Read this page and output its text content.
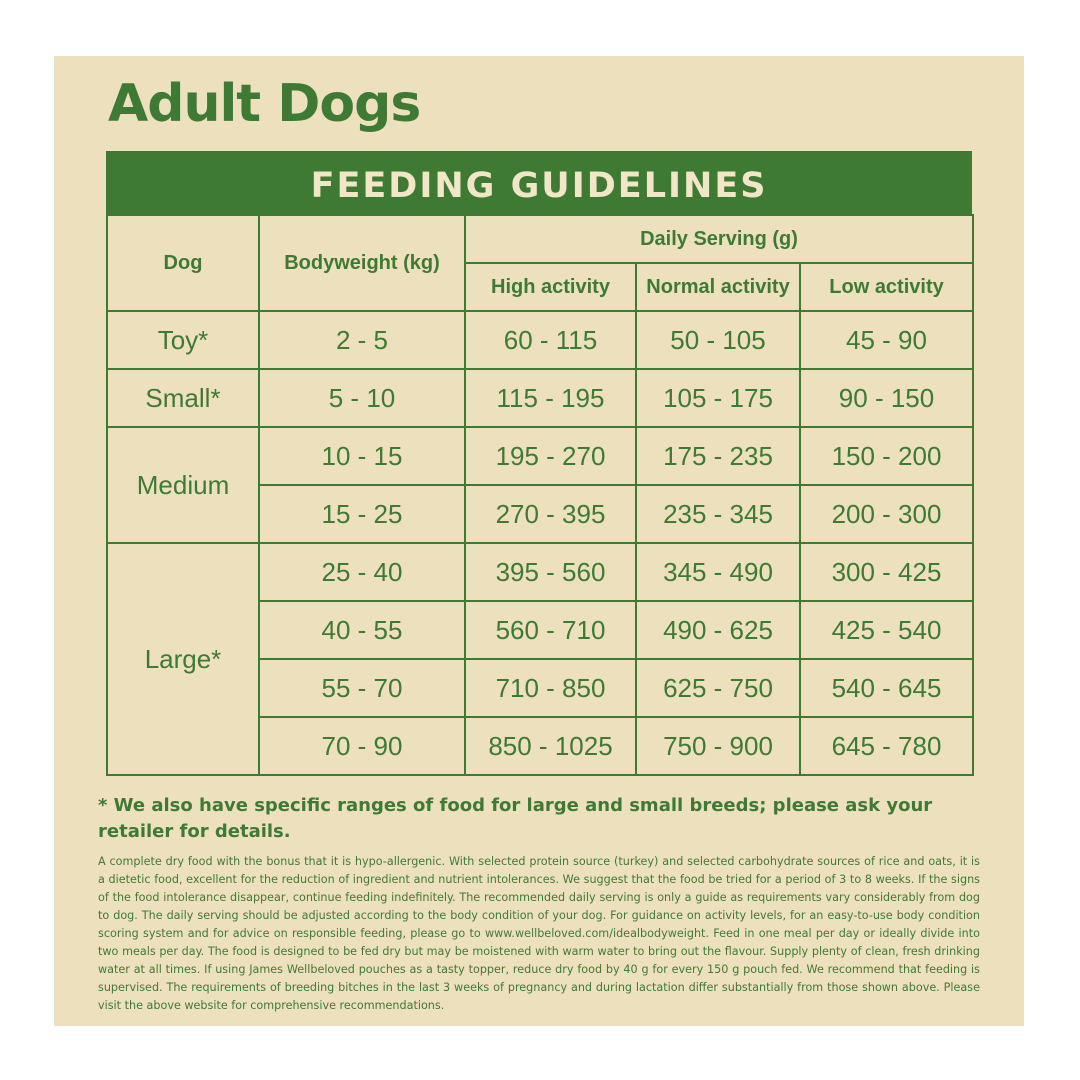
Adult Dogs
FEEDING GUIDELINES
Dog	Bodyweight (kg)	Daily Serving (g)		
		High activity	Normal activity	Low activity
Toy*	2 - 5	60 - 115	50 - 105	45 - 90
Small*	5 - 10	115 - 195	105 - 175	90 - 150
Medium	10 - 15	195 - 270	175 - 235	150 - 200
	15 - 25	270 - 395	235 - 345	200 - 300
Large*	25 - 40	395 - 560	345 - 490	300 - 425
	40 - 55	560 - 710	490 - 625	425 - 540
	55 - 70	710 - 850	625 - 750	540 - 645
	70 - 90	850 - 1025	750 - 900	645 - 780
* We also have specific ranges of food for large and small breeds; please ask your retailer for details.
A complete dry food with the bonus that it is hypo-allergenic. With selected protein source (turkey) and selected carbohydrate sources of rice and oats, it is a dietetic food, excellent for the reduction of ingredient and nutrient intolerances. We suggest that the food be tried for a period of 3 to 8 weeks. If the signs of the food intolerance disappear, continue feeding indefinitely. The recommended daily serving is only a guide as requirements vary considerably from dog to dog. The daily serving should be adjusted according to the body condition of your dog. For guidance on activity levels, for an easy-to-use body condition scoring system and for advice on responsible feeding, please go to www.wellbeloved.com/idealbodyweight. Feed in one meal per day or ideally divide into two meals per day. The food is designed to be fed dry but may be moistened with warm water to bring out the flavour. Supply plenty of clean, fresh drinking water at all times. If using James Wellbeloved pouches as a tasty topper, reduce dry food by 40 g for every 150 g pouch fed. We recommend that feeding is supervised. The requirements of breeding bitches in the last 3 weeks of pregnancy and during lactation differ substantially from those shown above. Please visit the above website for comprehensive recommendations.
